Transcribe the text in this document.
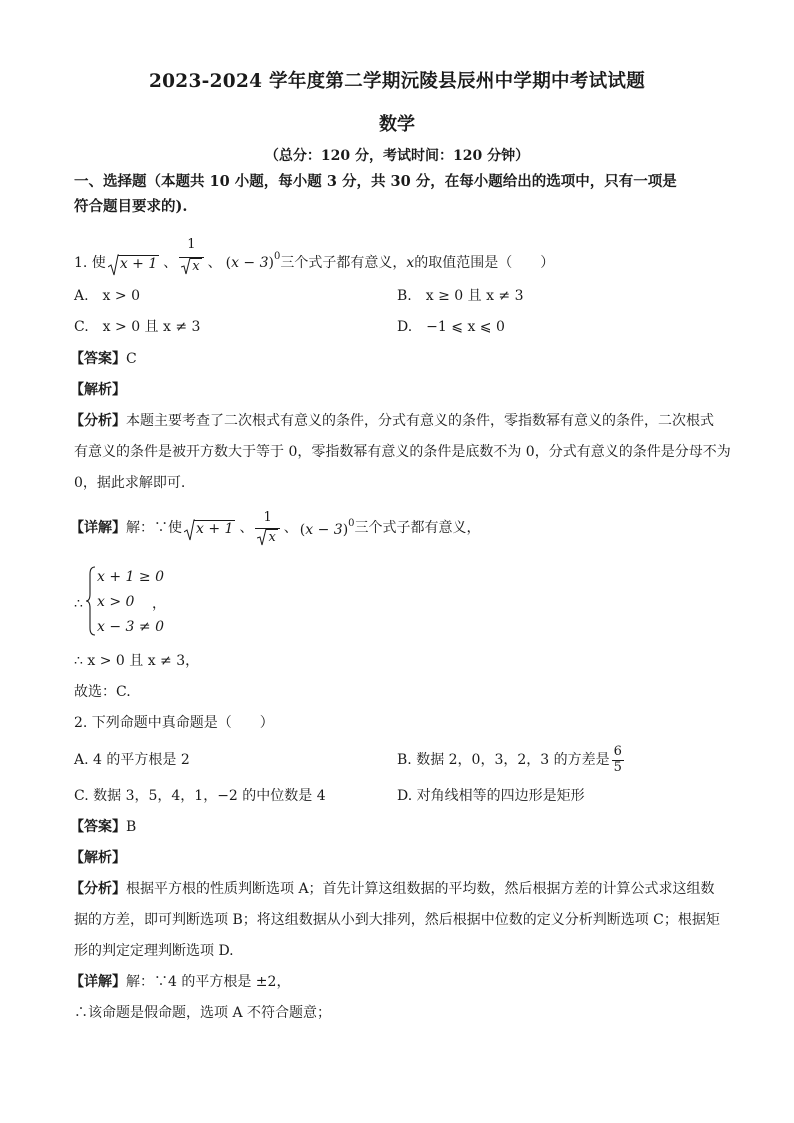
2023-2024 学年度第二学期沅陵县辰州中学期中考试试题
数学
（总分：120 分，考试时间：120 分钟）
一、选择题（本题共 10 小题，每小题 3 分，共 30 分，在每小题给出的选项中，只有一项是
符合题目要求的).
1. 使	x + 1 、 $\frac{1}{x}$ 、 $(x - 3)^0$ 三个式子都有意义， x 的取值范围是（　　）
A.　x > 0	B.　x ≥ 0 且 x ≠ 3
C.　x > 0 且 x ≠ 3	D.　−1 ⩽ x ⩽ 0
【答案】C
【解析】
【分析】本题主要考查了二次根式有意义的条件，分式有意义的条件，零指数幂有意义的条件，二次根式
有意义的条件是被开方数大于等于 0，零指数幂有意义的条件是底数不为 0，分式有意义的条件是分母不为
0，据此求解即可.
【详解】 解：∵使	x + 1 、 $\frac{1}{x}$ 、 $(x - 3)^0$ 三个式子都有意义，
∴
x + 1 ≥ 0
x > 0 ，
x − 3 ≠ 0
∴ x > 0 且 x ≠ 3，
故选：C.
2. 下列命题中真命题是（　　）
A. 4 的平方根是 2	B. 数据 2，0，3，2，3 的方差是 $\frac{6}{5}$
C. 数据 3，5，4，1，−2 的中位数是 4	D. 对角线相等的四边形是矩形
【答案】B
【解析】
【分析】根据平方根的性质判断选项 A；首先计算这组数据的平均数，然后根据方差的计算公式求这组数
据的方差，即可判断选项 B；将这组数据从小到大排列，然后根据中位数的定义分析判断选项 C；根据矩
形的判定定理判断选项 D.
【详解】解：∵4 的平方根是 ±2，
∴该命题是假命题，选项 A 不符合题意；
